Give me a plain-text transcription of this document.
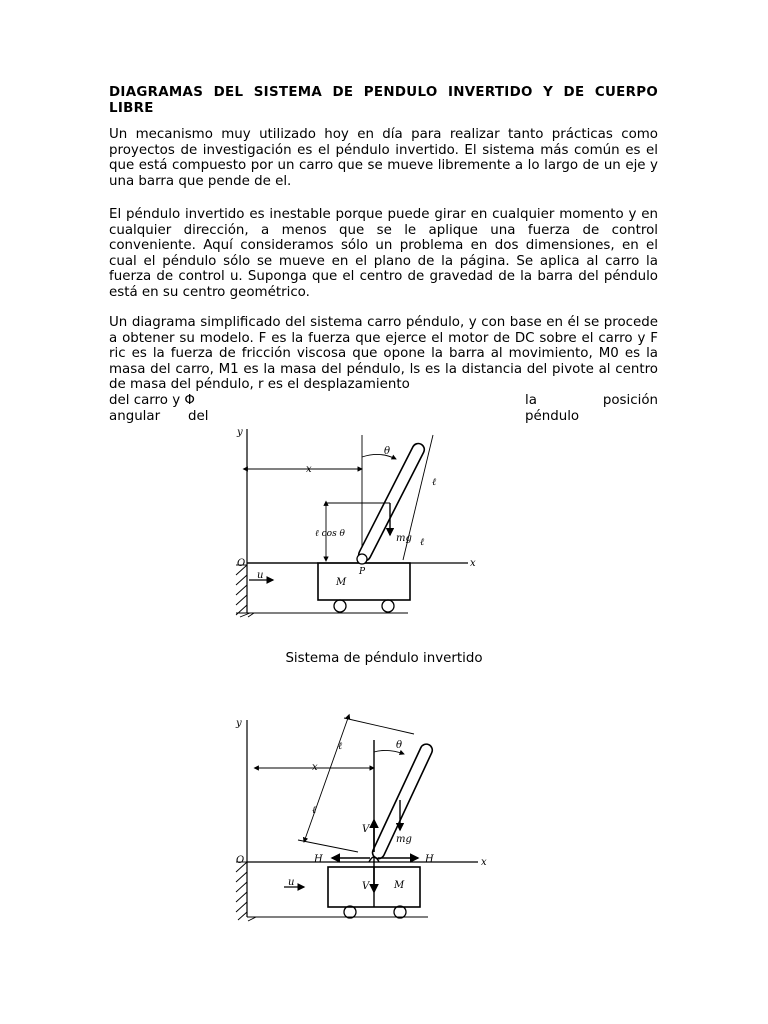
DIAGRAMAS DEL SISTEMA DE PENDULO INVERTIDO Y DE CUERPO LIBRE
Un mecanismo muy utilizado hoy en día para realizar tanto prácticas como proyectos de investigación es el péndulo invertido. El sistema más común es el que está compuesto por un carro que se mueve libremente a lo largo de un eje y una barra que pende de el.
El péndulo invertido es inestable porque puede girar en cualquier momento y en cualquier dirección, a menos que se le aplique una fuerza de control conveniente. Aquí consideramos sólo un problema en dos dimensiones, en el cual el péndulo sólo se mueve en el plano de la página. Se aplica al carro la fuerza de control u. Suponga que el centro de gravedad de la barra del péndulo está en su centro geométrico.
Un diagrama simplificado del sistema carro péndulo, y con base en él se procede a obtener su modelo. F es la fuerza que ejerce el motor de DC sobre el carro y F ric es la fuerza de fricción viscosa que opone la barra al movimiento, M0 es la masa del carro, M1 es la masa del péndulo, ls es la distancia del pivote al centro de masa del péndulo, r es el desplazamiento
del carro y Φ	la	posición
angular del	péndulo
y
x
θ
ℓ
ℓ cos θ	mg ℓ
O	x
u
M
P
Sistema de péndulo invertido
y
ℓ	θ
x
ℓ
V
mg
O	H	H	x
u	V M
